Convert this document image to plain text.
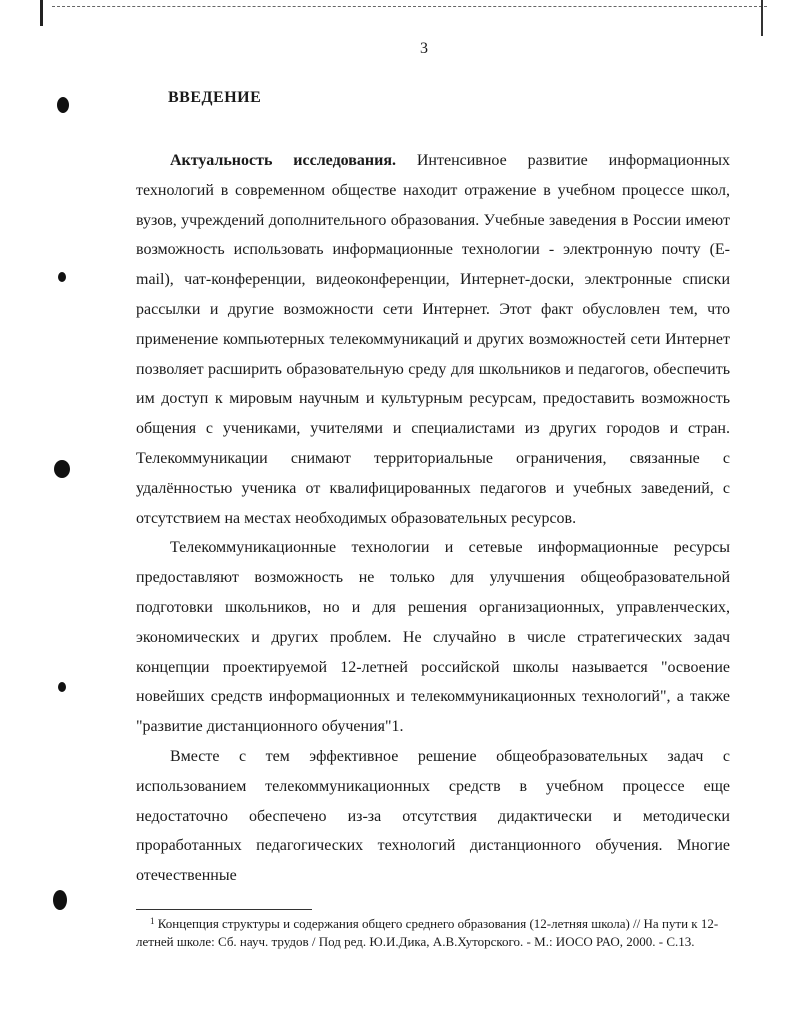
3
ВВЕДЕНИЕ

Актуальность исследования. Интенсивное развитие информационных технологий в современном обществе находит отражение в учебном процессе школ, вузов, учреждений дополнительного образования. Учебные заведения в России имеют возможность использовать информационные технологии - электронную почту (E-mail), чат-конференции, видеоконференции, Интернет-доски, электронные списки рассылки и другие возможности сети Интернет. Этот факт обусловлен тем, что применение компьютерных телекоммуникаций и других возможностей сети Интернет позволяет расширить образовательную среду для школьников и педагогов, обеспечить им доступ к мировым научным и культурным ресурсам, предоставить возможность общения с учениками, учителями и специалистами из других городов и стран. Телекоммуникации снимают территориальные ограничения, связанные с удалённостью ученика от квалифицированных педагогов и учебных заведений, с отсутствием на местах необходимых образовательных ресурсов.

Телекоммуникационные технологии и сетевые информационные ресурсы предоставляют возможность не только для улучшения общеобразовательной подготовки школьников, но и для решения организационных, управленческих, экономических и других проблем. Не случайно в числе стратегических задач концепции проектируемой 12-летней российской школы называется "освоение новейших средств информационных и телекоммуникационных технологий", а также "развитие дистанционного обучения"1.

Вместе с тем эффективное решение общеобразовательных задач с использованием телекоммуникационных средств в учебном процессе еще недостаточно обеспечено из-за отсутствия дидактически и методически проработанных педагогических технологий дистанционного обучения. Многие отечественные

$^1$ Концепция структуры и содержания общего среднего образования (12-летняя школа) // На пути к 12-летней школе: Сб. науч. трудов / Под ред. Ю.И.Дика, А.В.Хуторского. - М.: ИОСО РАО, 2000. - С.13.
